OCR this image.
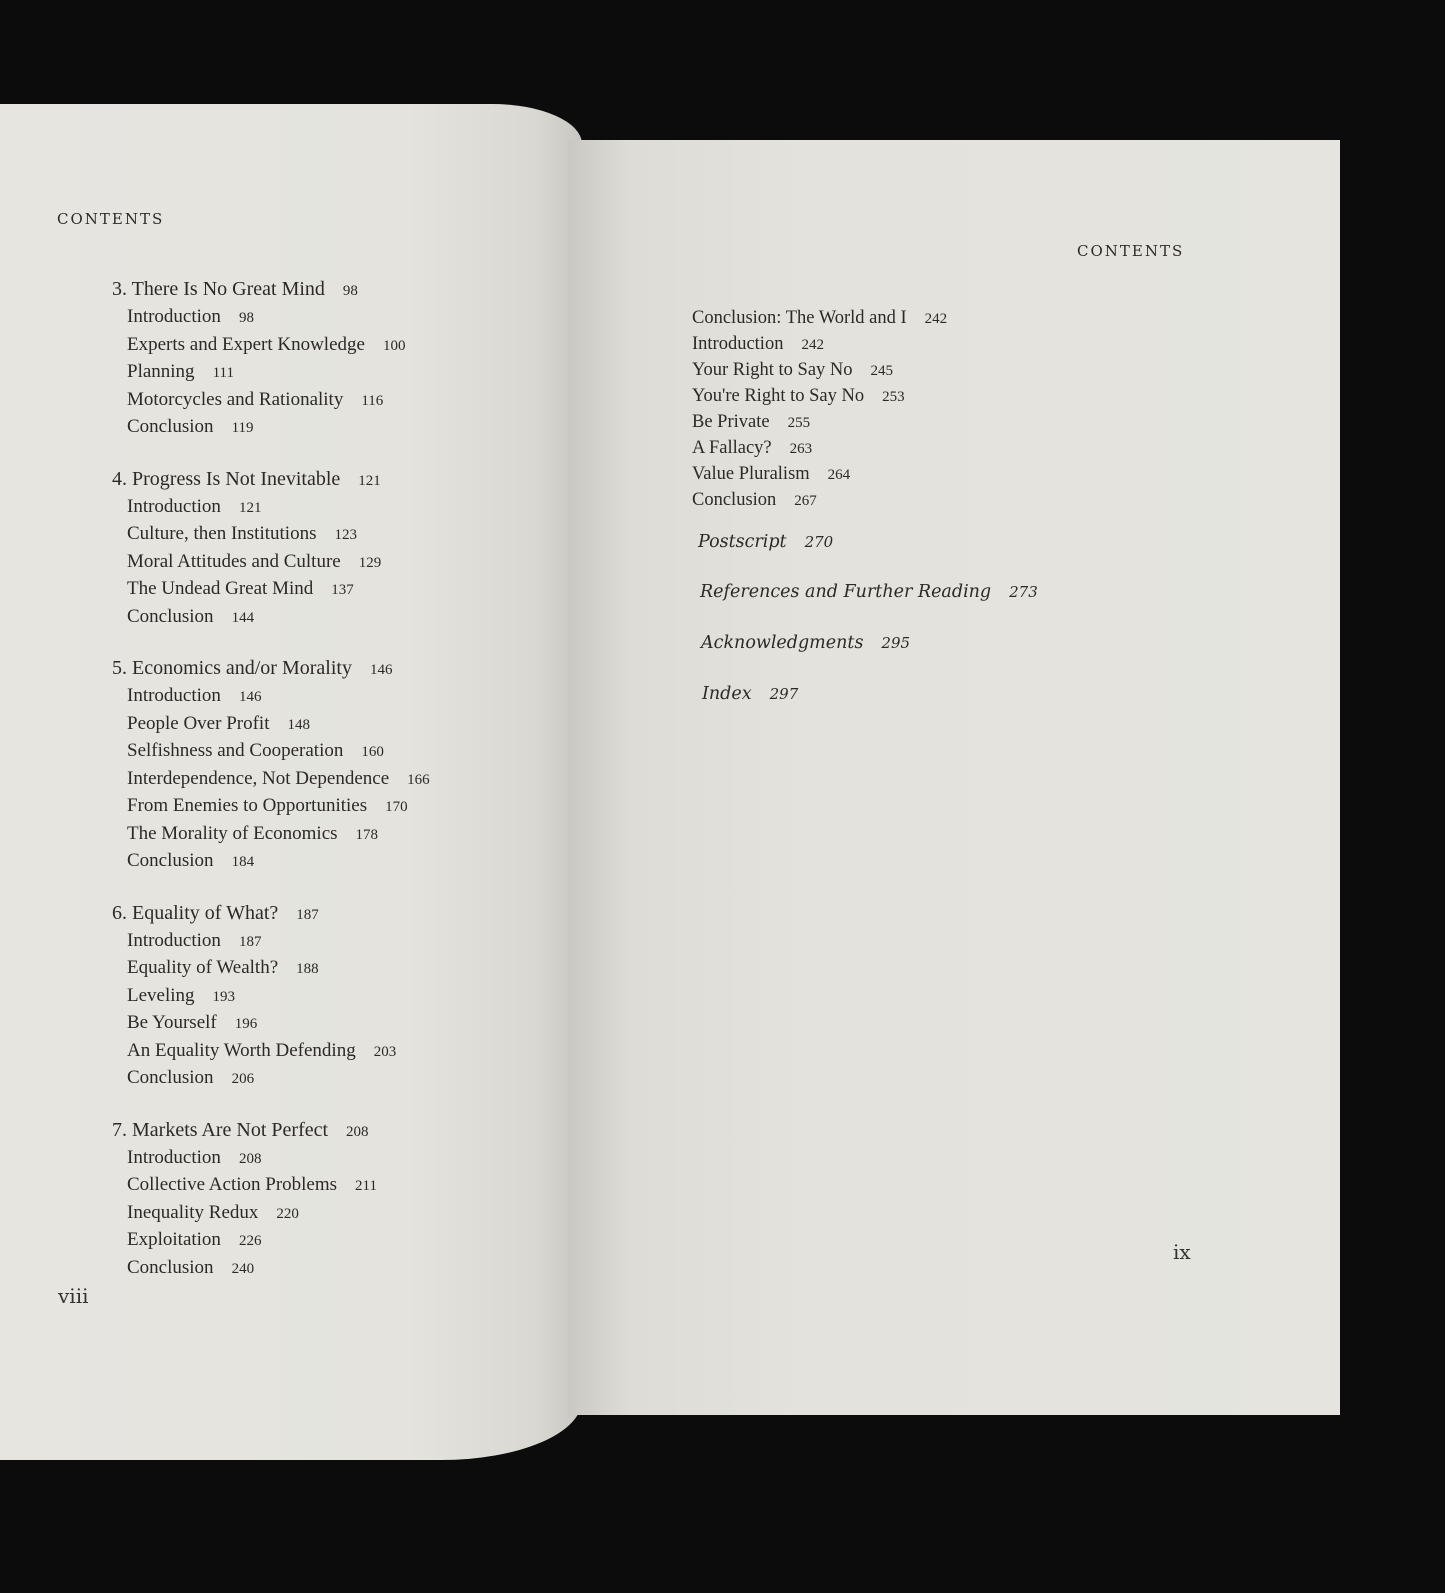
CONTENTS
3. There Is No Great Mind 98
Introduction 98
Experts and Expert Knowledge 100
Planning 111
Motorcycles and Rationality 116
Conclusion 119
4. Progress Is Not Inevitable 121
Introduction 121
Culture, then Institutions 123
Moral Attitudes and Culture 129
The Undead Great Mind 137
Conclusion 144
5. Economics and/or Morality 146
Introduction 146
People Over Profit 148
Selfishness and Cooperation 160
Interdependence, Not Dependence 166
From Enemies to Opportunities 170
The Morality of Economics 178
Conclusion 184
6. Equality of What? 187
Introduction 187
Equality of Wealth? 188
Leveling 193
Be Yourself 196
An Equality Worth Defending 203
Conclusion 206
7. Markets Are Not Perfect 208
Introduction 208
Collective Action Problems 211
Inequality Redux 220
Exploitation 226
Conclusion 240
viii
CONTENTS
Conclusion: The World and I 242
Introduction 242
Your Right to Say No 245
You're Right to Say No 253
Be Private 255
A Fallacy? 263
Value Pluralism 264
Conclusion 267
Postscript 270
References and Further Reading 273
Acknowledgments 295
Index 297
ix
